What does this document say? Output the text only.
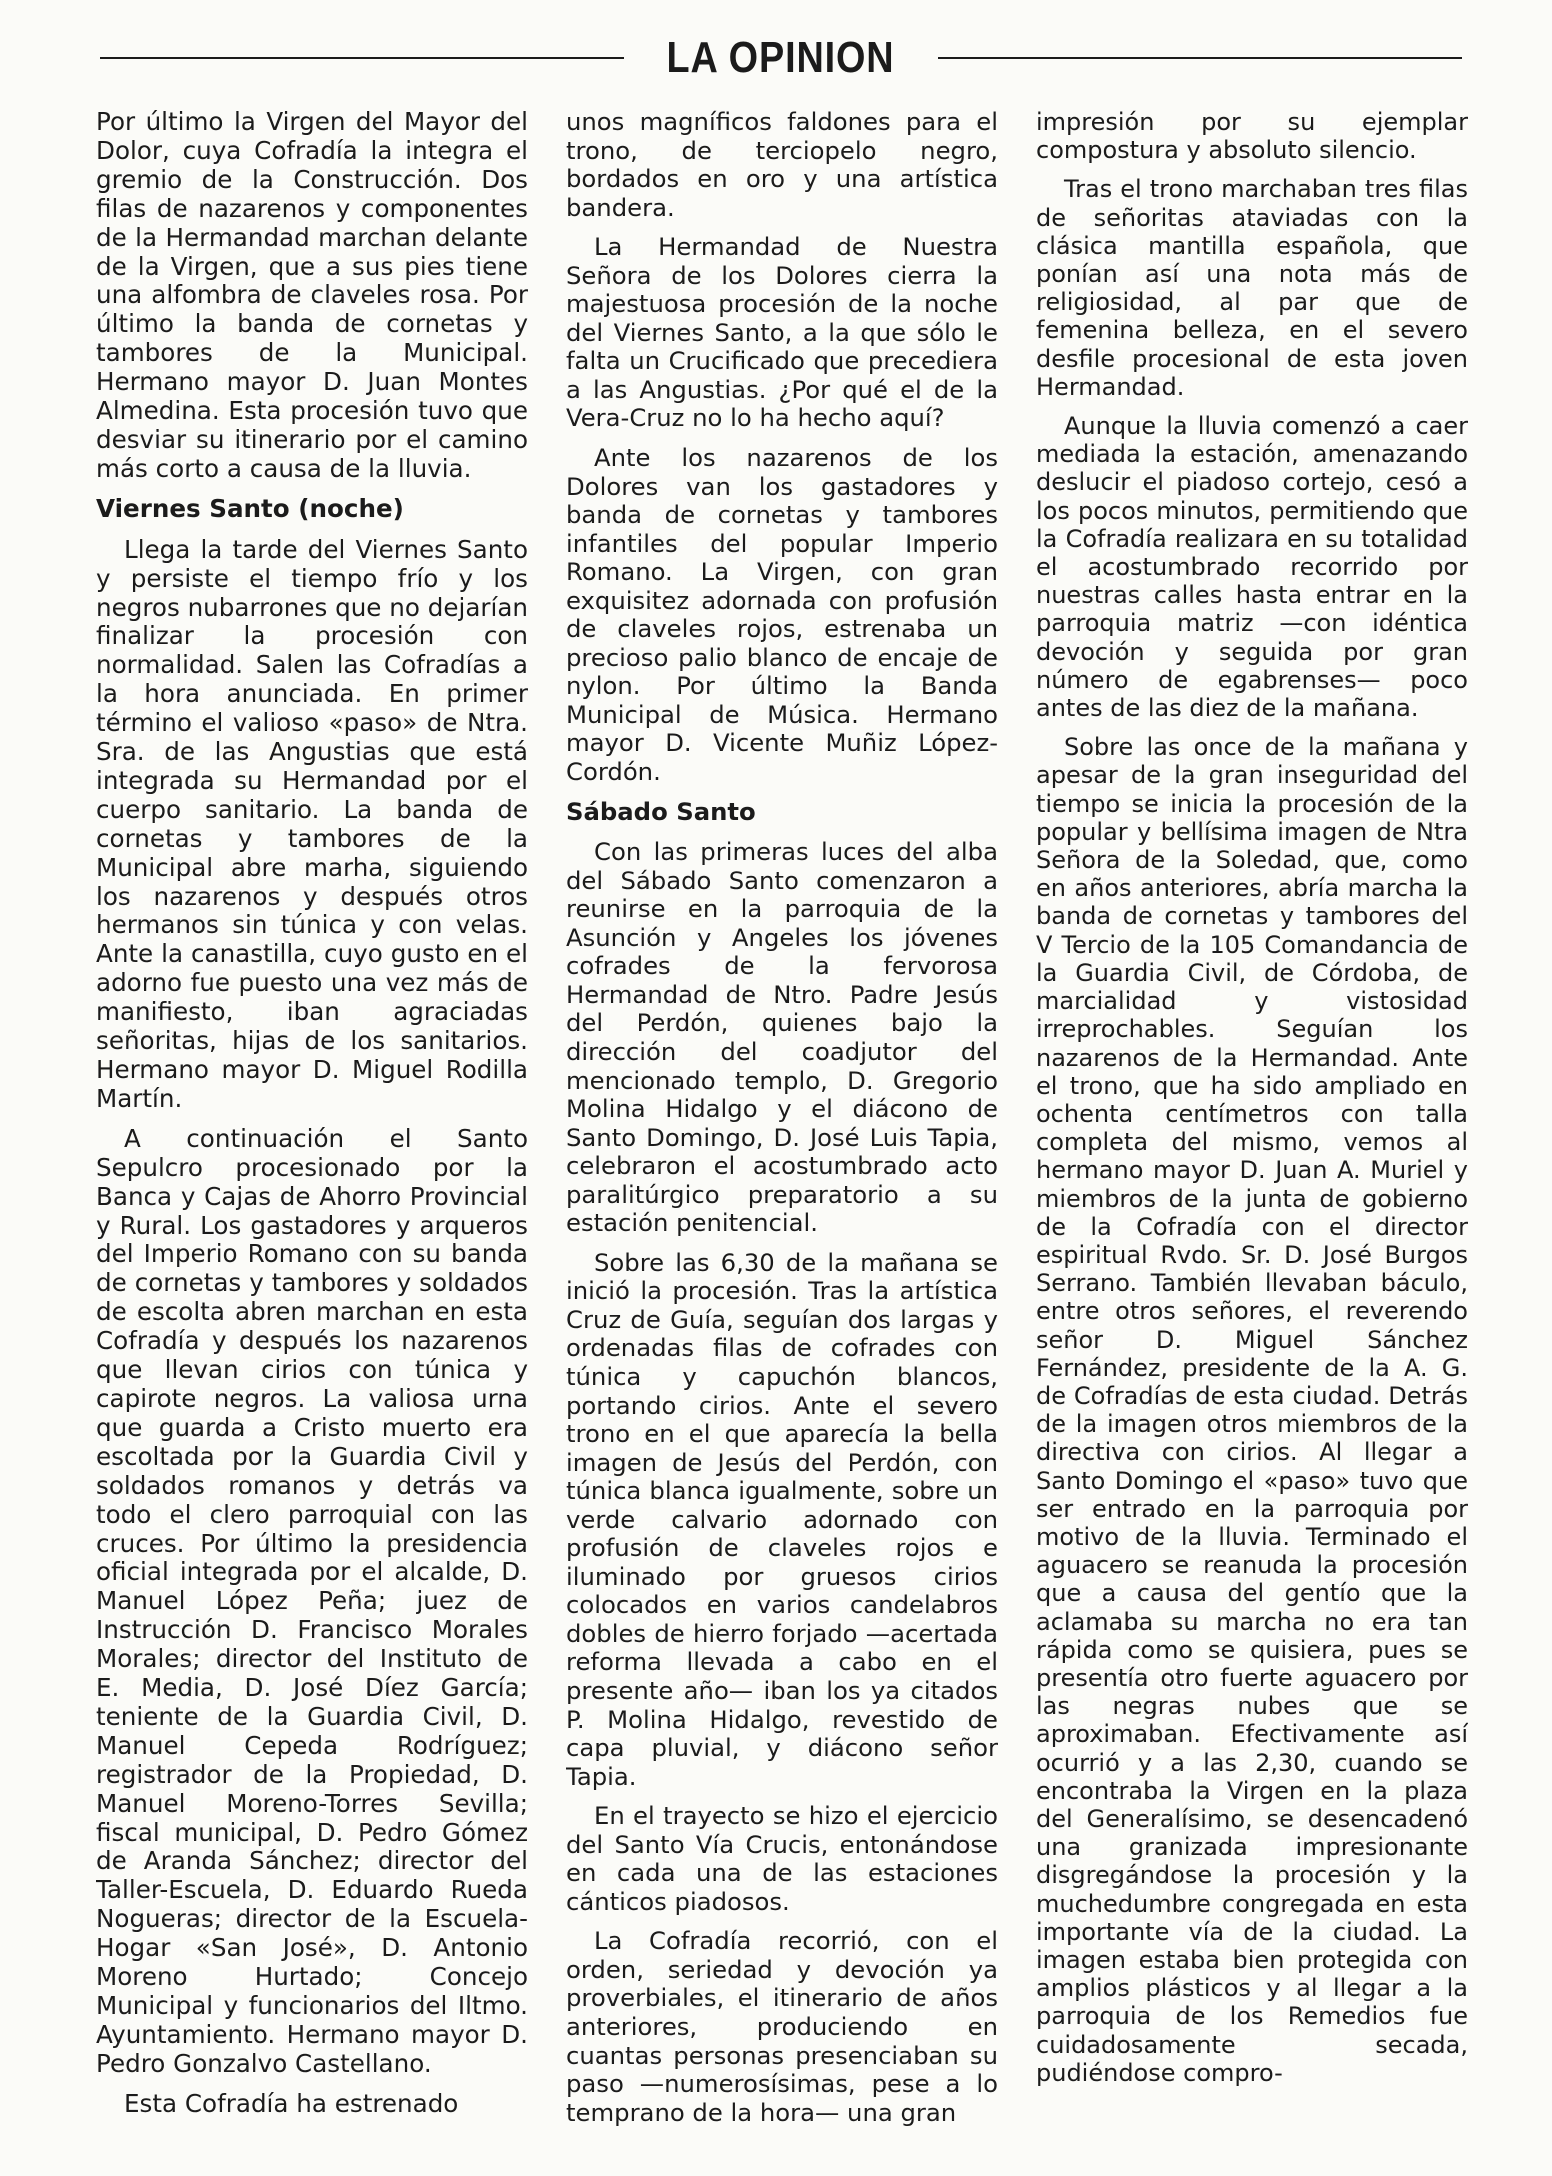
LA OPINION

Por último la Virgen del Mayor del Dolor, cuya Cofradía la integra el gremio de la Construcción. Dos filas de nazarenos y componentes de la Hermandad marchan delante de la Virgen, que a sus pies tiene una alfombra de claveles rosa. Por último la banda de cornetas y tambores de la Municipal. Hermano mayor D. Juan Montes Almedina. Esta procesión tuvo que desviar su itinerario por el camino más corto a causa de la lluvia.

Viernes Santo (noche)

Llega la tarde del Viernes Santo y persiste el tiempo frío y los negros nubarrones que no dejarían finalizar la procesión con normalidad. Salen las Cofradías a la hora anunciada. En primer término el valioso «paso» de Ntra. Sra. de las Angustias que está integrada su Hermandad por el cuerpo sanitario. La banda de cornetas y tambores de la Municipal abre marha, siguiendo los nazarenos y después otros hermanos sin túnica y con velas. Ante la canastilla, cuyo gusto en el adorno fue puesto una vez más de manifiesto, iban agraciadas señoritas, hijas de los sanitarios. Hermano mayor D. Miguel Rodilla Martín.

A continuación el Santo Sepulcro procesionado por la Banca y Cajas de Ahorro Provincial y Rural. Los gastadores y arqueros del Imperio Romano con su banda de cornetas y tambores y soldados de escolta abren marchan en esta Cofradía y después los nazarenos que llevan cirios con túnica y capirote negros. La valiosa urna que guarda a Cristo muerto era escoltada por la Guardia Civil y soldados romanos y detrás va todo el clero parroquial con las cruces. Por último la presidencia oficial integrada por el alcalde, D. Manuel López Peña; juez de Instrucción D. Francisco Morales Morales; director del Instituto de E. Media, D. José Díez García; teniente de la Guardia Civil, D. Manuel Cepeda Rodríguez; registrador de la Propiedad, D. Manuel Moreno-Torres Sevilla; fiscal municipal, D. Pedro Gómez de Aranda Sánchez; director del Taller-Escuela, D. Eduardo Rueda Nogueras; director de la Escuela-Hogar «San José», D. Antonio Moreno Hurtado; Concejo Municipal y funcionarios del Iltmo. Ayuntamiento. Hermano mayor D. Pedro Gonzalvo Castellano.

Esta Cofradía ha estrenado

unos magníficos faldones para el trono, de terciopelo negro, bordados en oro y una artística bandera.

La Hermandad de Nuestra Señora de los Dolores cierra la majestuosa procesión de la noche del Viernes Santo, a la que sólo le falta un Crucificado que precediera a las Angustias. ¿Por qué el de la Vera-Cruz no lo ha hecho aquí?

Ante los nazarenos de los Dolores van los gastadores y banda de cornetas y tambores infantiles del popular Imperio Romano. La Virgen, con gran exquisitez adornada con profusión de claveles rojos, estrenaba un precioso palio blanco de encaje de nylon. Por último la Banda Municipal de Música. Hermano mayor D. Vicente Muñiz López-Cordón.

Sábado Santo

Con las primeras luces del alba del Sábado Santo comenzaron a reunirse en la parroquia de la Asunción y Angeles los jóvenes cofrades de la fervorosa Hermandad de Ntro. Padre Jesús del Perdón, quienes bajo la dirección del coadjutor del mencionado templo, D. Gregorio Molina Hidalgo y el diácono de Santo Domingo, D. José Luis Tapia, celebraron el acostumbrado acto paralitúrgico preparatorio a su estación penitencial.

Sobre las 6,30 de la mañana se inició la procesión. Tras la artística Cruz de Guía, seguían dos largas y ordenadas filas de cofrades con túnica y capuchón blancos, portando cirios. Ante el severo trono en el que aparecía la bella imagen de Jesús del Perdón, con túnica blanca igualmente, sobre un verde calvario adornado con profusión de claveles rojos e iluminado por gruesos cirios colocados en varios candelabros dobles de hierro forjado —acertada reforma llevada a cabo en el presente año— iban los ya citados P. Molina Hidalgo, revestido de capa pluvial, y diácono señor Tapia.

En el trayecto se hizo el ejercicio del Santo Vía Crucis, entonándose en cada una de las estaciones cánticos piadosos.

La Cofradía recorrió, con el orden, seriedad y devoción ya proverbiales, el itinerario de años anteriores, produciendo en cuantas personas presenciaban su paso —numerosísimas, pese a lo temprano de la hora— una gran

impresión por su ejemplar compostura y absoluto silencio.

Tras el trono marchaban tres filas de señoritas ataviadas con la clásica mantilla española, que ponían así una nota más de religiosidad, al par que de femenina belleza, en el severo desfile procesional de esta joven Hermandad.

Aunque la lluvia comenzó a caer mediada la estación, amenazando deslucir el piadoso cortejo, cesó a los pocos minutos, permitiendo que la Cofradía realizara en su totalidad el acostumbrado recorrido por nuestras calles hasta entrar en la parroquia matriz —con idéntica devoción y seguida por gran número de egabrenses— poco antes de las diez de la mañana.

Sobre las once de la mañana y apesar de la gran inseguridad del tiempo se inicia la procesión de la popular y bellísima imagen de Ntra Señora de la Soledad, que, como en años anteriores, abría marcha la banda de cornetas y tambores del V Tercio de la 105 Comandancia de la Guardia Civil, de Córdoba, de marcialidad y vistosidad irreprochables. Seguían los nazarenos de la Hermandad. Ante el trono, que ha sido ampliado en ochenta centímetros con talla completa del mismo, vemos al hermano mayor D. Juan A. Muriel y miembros de la junta de gobierno de la Cofradía con el director espiritual Rvdo. Sr. D. José Burgos Serrano. También llevaban báculo, entre otros señores, el reverendo señor D. Miguel Sánchez Fernández, presidente de la A. G. de Cofradías de esta ciudad. Detrás de la imagen otros miembros de la directiva con cirios. Al llegar a Santo Domingo el «paso» tuvo que ser entrado en la parroquia por motivo de la lluvia. Terminado el aguacero se reanuda la procesión que a causa del gentío que la aclamaba su marcha no era tan rápida como se quisiera, pues se presentía otro fuerte aguacero por las negras nubes que se aproximaban. Efectivamente así ocurrió y a las 2,30, cuando se encontraba la Virgen en la plaza del Generalísimo, se desencadenó una granizada impresionante disgregándose la procesión y la muchedumbre congregada en esta importante vía de la ciudad. La imagen estaba bien protegida con amplios plásticos y al llegar a la parroquia de los Remedios fue cuidadosamente secada, pudiéndose compro-
